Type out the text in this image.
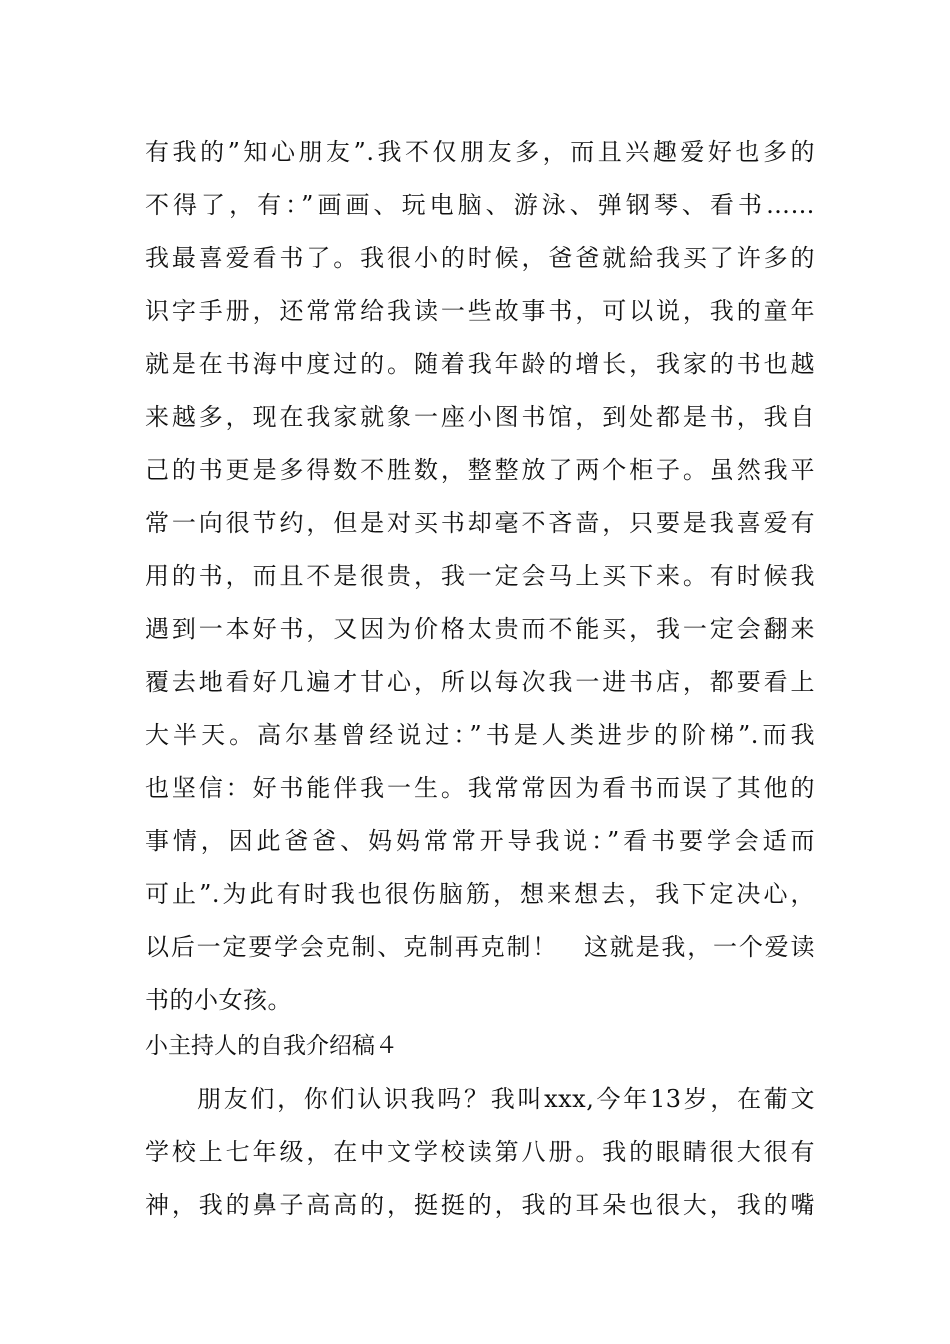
有我的”知心朋友”.我不仅朋友多，而且兴趣爱好也多的
不得了，有：”画画、玩电脑、游泳、弹钢琴、看书……
我最喜爱看书了。我很小的时候，爸爸就給我买了许多的
识字手册，还常常给我读一些故事书，可以说，我的童年
就是在书海中度过的。随着我年龄的增长，我家的书也越
来越多，现在我家就象一座小图书馆，到处都是书，我自
己的书更是多得数不胜数，整整放了两个柜子。虽然我平
常一向很节约，但是对买书却毫不吝啬，只要是我喜爱有
用的书，而且不是很贵，我一定会马上买下来。有时候我
遇到一本好书，又因为价格太贵而不能买，我一定会翻来
覆去地看好几遍才甘心，所以每次我一进书店，都要看上
大半天。高尔基曾经说过：”书是人类进步的阶梯”.而我
也坚信：好书能伴我一生。我常常因为看书而误了其他的
事情，因此爸爸、妈妈常常开导我说：”看书要学会适而
可止”.为此有时我也很伤脑筋，想来想去，我下定决心，
以后一定要学会克制、克制再克制！　这就是我，一个爱读
书的小女孩。
小主持人的自我介绍稿４
朋友们，你们认识我吗？我叫xxx,今年13岁，在葡文
学校上七年级，在中文学校读第八册。我的眼睛很大很有
神，我的鼻子高高的，挺挺的，我的耳朵也很大，我的嘴
